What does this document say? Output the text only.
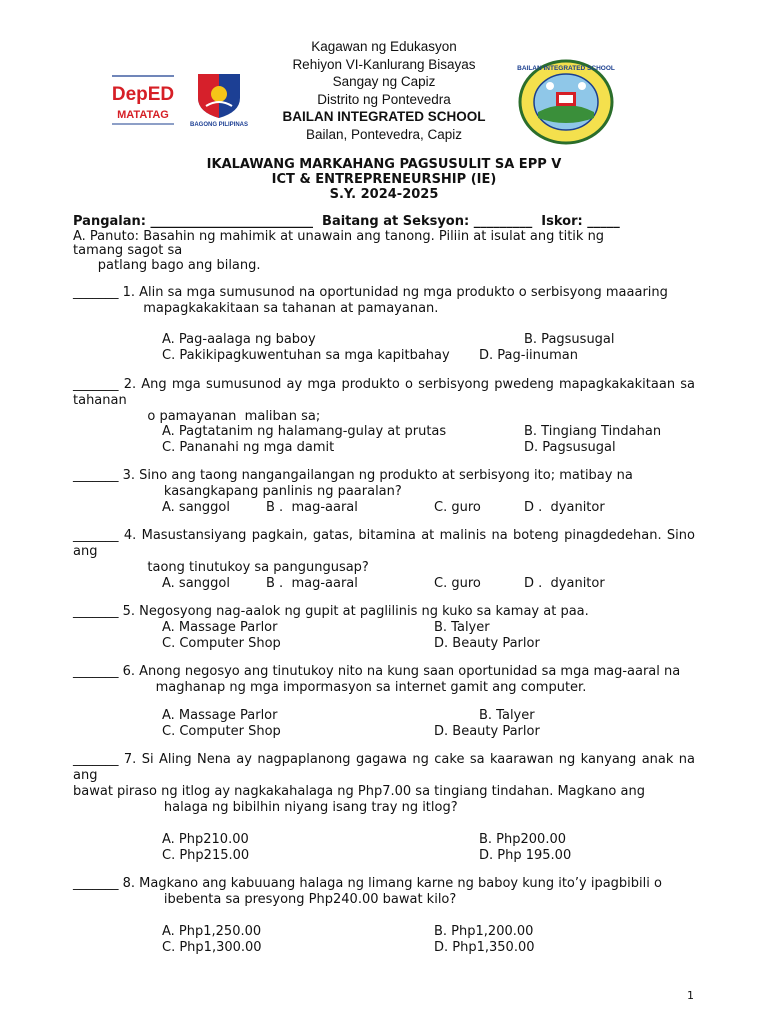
DepED
MATATAG
BAGONG PILIPINAS
BAILAN INTEGRATED SCHOOL
Kagawan ng Edukasyon
Rehiyon VI-Kanlurang Bisayas
Sangay ng Capiz
Distrito ng Pontevedra
BAILAN INTEGRATED SCHOOL
Bailan, Pontevedra, Capiz
IKALAWANG MARKAHANG PAGSUSULIT SA EPP V
ICT & ENTREPRENEURSHIP (IE)
S.Y. 2024-2025
Pangalan: _________________________  Baitang at Seksyon: _________  Iskor: _____
A. Panuto: Basahin ng mahimik at unawain ang tanong. Piliin at isulat ang titik ng
tamang sagot sa
patlang bago ang bilang.
_______ 1. Alin sa mga sumusunod na oportunidad ng mga produkto o serbisyong maaaring
mapagkakakitaan sa tahanan at pamayanan.
A. Pag-aalaga ng baboy	B. Pagsusugal
C. Pakikipagkuwentuhan sa mga kapitbahay D. Pag-iinuman
_______ 2. Ang mga sumusunod ay mga produkto o serbisyong pwedeng mapagkakakitaan sa tahanan
o pamayanan  maliban sa;
A. Pagtatanim ng halamang-gulay at prutas	B. Tingiang Tindahan
C. Pananahi ng mga damit	D. Pagsusugal
_______ 3. Sino ang taong nangangailangan ng produkto at serbisyong ito; matibay na
kasangkapang panlinis ng paaralan?
A. sanggol	B .  mag-aaral	C. guro	D .  dyanitor
_______ 4. Masustansiyang pagkain, gatas, bitamina at malinis na boteng pinagdedehan. Sino ang
taong tinutukoy sa pangungusap?
A. sanggol	B .  mag-aaral	C. guro	D .  dyanitor
_______ 5. Negosyong nag-aalok ng gupit at paglilinis ng kuko sa kamay at paa.
A. Massage Parlor	B. Talyer
C. Computer Shop	D. Beauty Parlor
_______ 6. Anong negosyo ang tinutukoy nito na kung saan oportunidad sa mga mag-aaral na
maghanap ng mga impormasyon sa internet gamit ang computer.
A. Massage Parlor	B. Talyer
C. Computer Shop	D. Beauty Parlor
_______ 7. Si Aling Nena ay nagpaplanong gagawa ng cake sa kaarawan ng kanyang anak na ang
bawat piraso ng itlog ay nagkakahalaga ng Php7.00 sa tingiang tindahan. Magkano ang
halaga ng bibilhin niyang isang tray ng itlog?
A. Php210.00	B. Php200.00
C. Php215.00	D. Php 195.00
_______ 8. Magkano ang kabuuang halaga ng limang karne ng baboy kung ito’y ipagbibili o
ibebenta sa presyong Php240.00 bawat kilo?
A. Php1,250.00	B. Php1,200.00
C. Php1,300.00	D. Php1,350.00
1
